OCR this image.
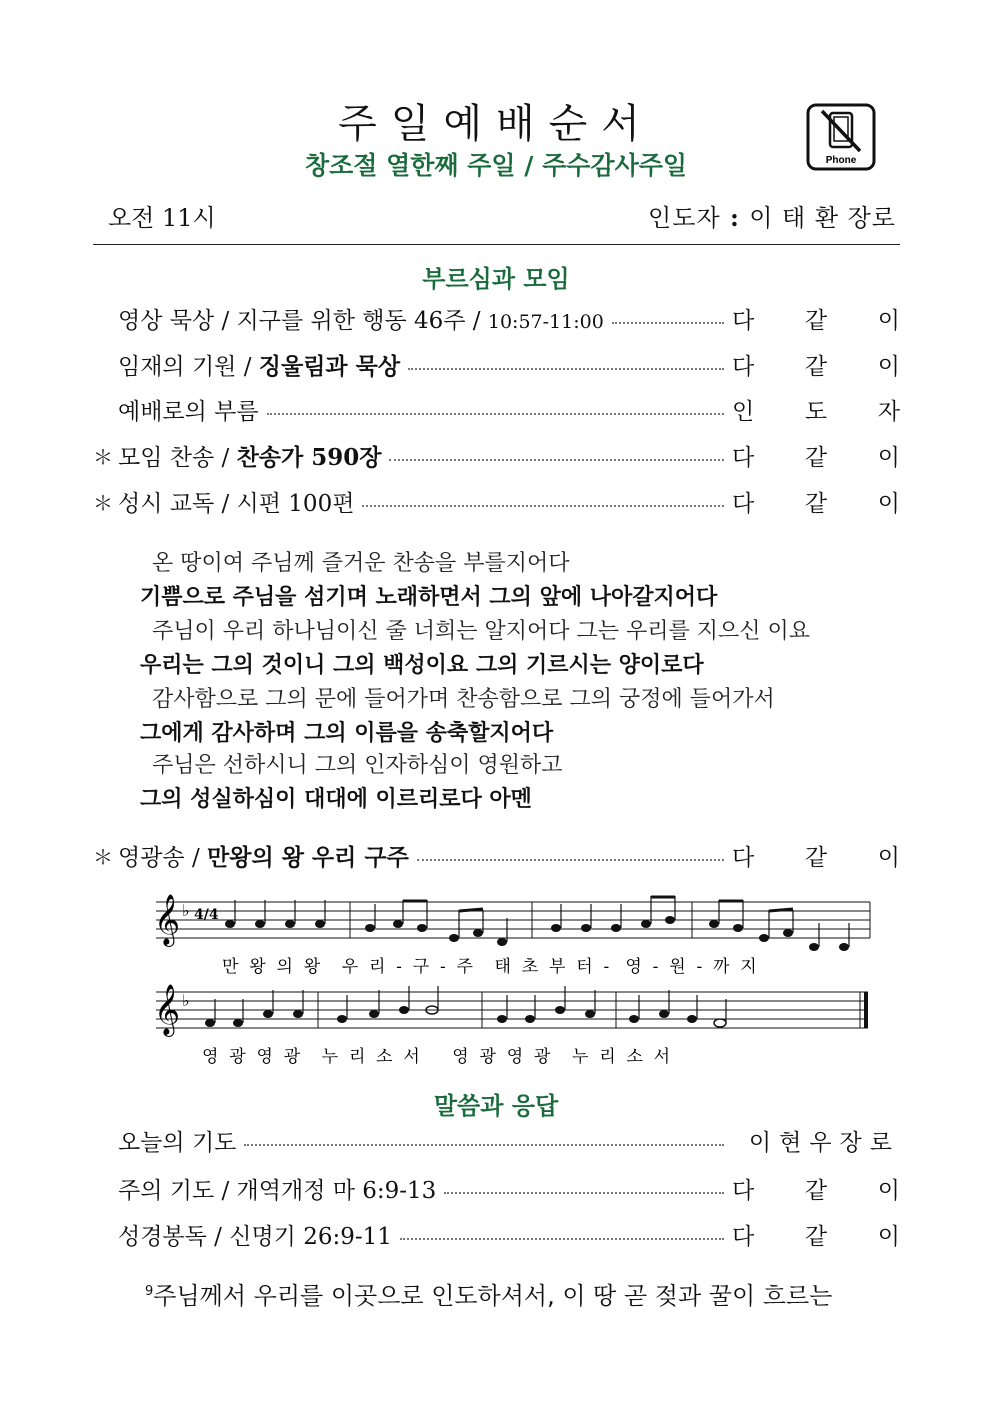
주일예배순서
창조절 열한째 주일 / 주수감사주일	Phone
오전 11시	인도자 : 이 태 환 장로
부르심과 모임
영상 묵상 / 지구를 위한 행동 46주 / 10:57-11:00	다 같 이
임재의 기원 / 징울림과 묵상	다 같 이
예배로의 부름	인 도 자
＊ 모임 찬송 / 찬송가 590장	다 같 이
＊ 성시 교독 / 시편 100편	다 같 이
온 땅이여 주님께 즐거운 찬송을 부를지어다
기쁨으로 주님을 섬기며 노래하면서 그의 앞에 나아갈지어다
주님이 우리 하나님이신 줄 너희는 알지어다 그는 우리를 지으신 이요
우리는 그의 것이니 그의 백성이요 그의 기르시는 양이로다
감사함으로 그의 문에 들어가며 찬송함으로 그의 궁정에 들어가서
그에게 감사하며 그의 이름을 송축할지어다
주님은 선하시니 그의 인자하심이 영원하고
그의 성실하심이 대대에 이르리로다 아멘
＊ 영광송 / 만왕의 왕 우리 구주	다 같 이
𝄞
𝄞
♭
♭
4/4
만  왕  의  왕    우  리  -  구  -  주    태  초  부  터  -   영  -  원  -  까  지
영  광  영  광    누  리  소  서      영  광  영  광    누  리  소  서
말씀과 응답
오늘의 기도	이현우장로
주의 기도 / 개역개정 마 6:9-13	다 같 이
성경봉독 / 신명기 26:9-11	다 같 이
$^9$주님께서 우리를 이곳으로 인도하셔서, 이 땅 곧 젖과 꿀이 흐르는
